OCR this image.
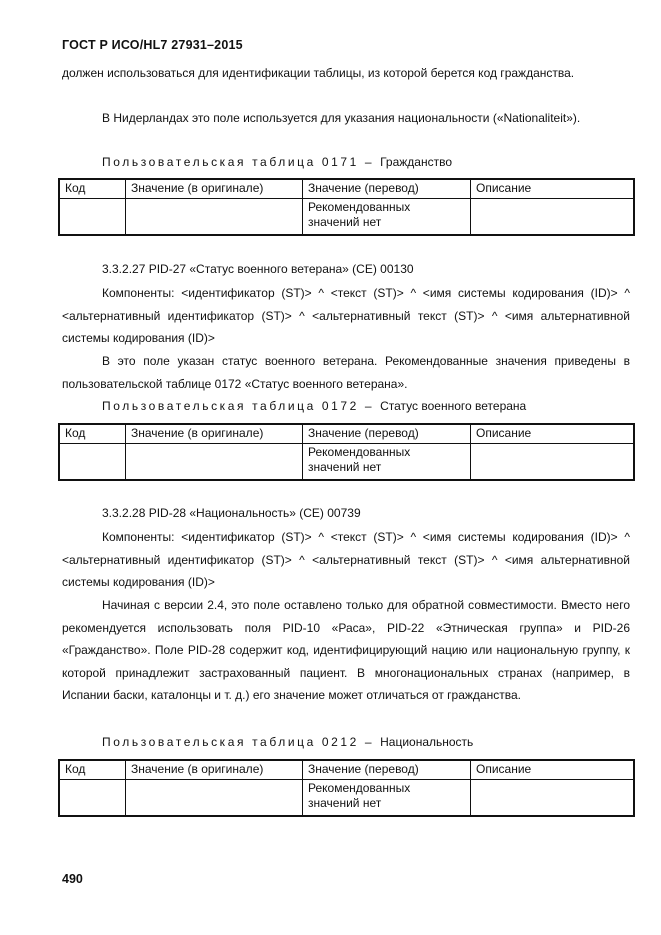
ГОСТ Р ИСО/HL7 27931–2015
должен использоваться для идентификации таблицы, из которой берется код гражданства.
В Нидерландах это поле используется для указания национальности («Nationaliteit»).
Пользовательская таблица 0171 – Гражданство
Код	Значение (в оригинале)	Значение (перевод)	Описание

		Рекомендованных значений нет	

3.3.2.27 PID-27 «Статус военного ветерана» (CE) 00130
Компоненты: <идентификатор (ST)> ^ <текст (ST)> ^ <имя системы кодирования (ID)> ^ <альтернативный идентификатор (ST)> ^ <альтернативный текст (ST)> ^ <имя альтернативной системы кодирования (ID)>
В это поле указан статус военного ветерана. Рекомендованные значения приведены в пользовательской таблице 0172 «Статус военного ветерана».
Пользовательская таблица 0172 – Статус военного ветерана
Код	Значение (в оригинале)	Значение (перевод)	Описание

		Рекомендованных значений нет	

3.3.2.28 PID-28 «Национальность» (CE) 00739
Компоненты: <идентификатор (ST)> ^ <текст (ST)> ^ <имя системы кодирования (ID)> ^ <альтернативный идентификатор (ST)> ^ <альтернативный текст (ST)> ^ <имя альтернативной системы кодирования (ID)>
Начиная с версии 2.4, это поле оставлено только для обратной совместимости. Вместо него рекомендуется использовать поля PID-10 «Раса», PID-22 «Этническая группа» и PID-26 «Гражданство». Поле PID-28 содержит код, идентифицирующий нацию или национальную группу, к которой принадлежит застрахованный пациент. В многонациональных странах (например, в Испании баски, каталонцы и т. д.) его значение может отличаться от гражданства.
Пользовательская таблица 0212 – Национальность
Код	Значение (в оригинале)	Значение (перевод)	Описание

		Рекомендованных значений нет	

490
